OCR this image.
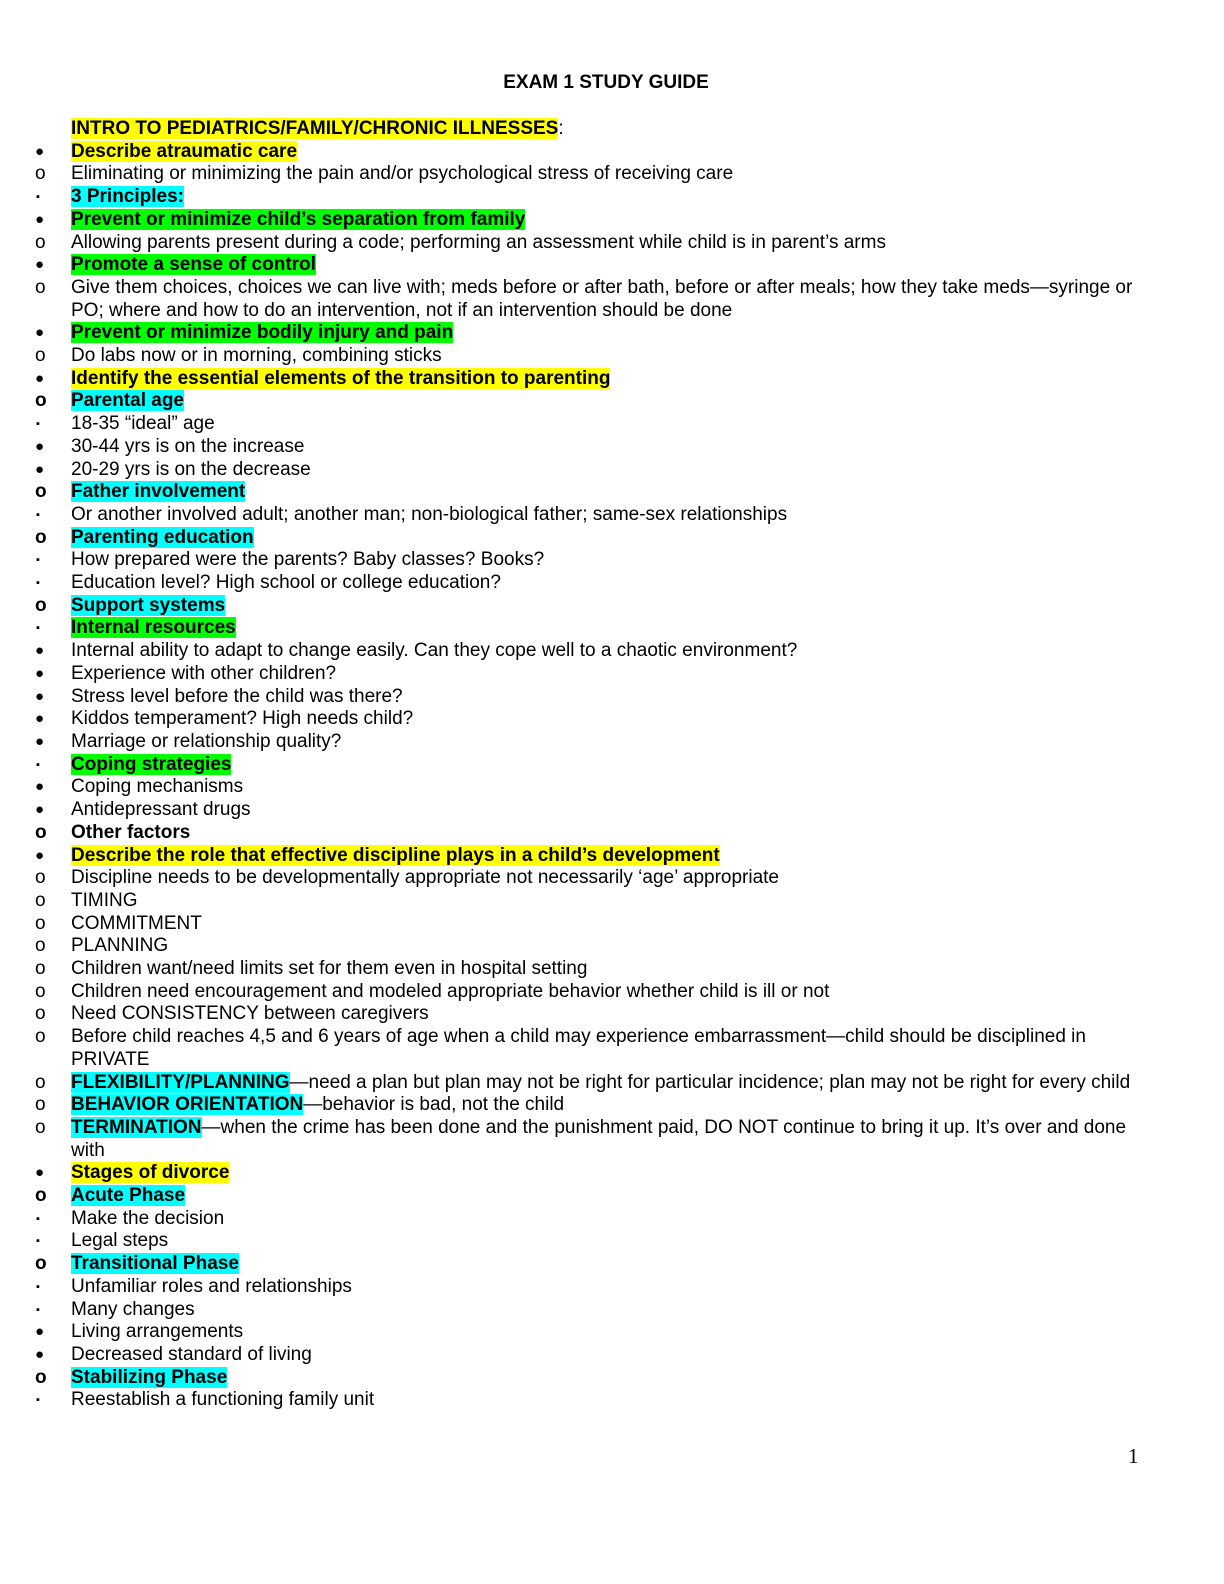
EXAM 1 STUDY GUIDE
INTRO TO PEDIATRICS/FAMILY/CHRONIC ILLNESSES:
●	Describe atraumatic care
o	Eliminating or minimizing the pain and/or psychological stress of receiving care
▪	3 Principles:
●	Prevent or minimize child’s separation from family
o	Allowing parents present during a code; performing an assessment while child is in parent’s arms
●	Promote a sense of control
o	Give them choices, choices we can live with; meds before or after bath, before or after meals; how they take meds—syringe or PO; where and how to do an intervention, not if an intervention should be done
●	Prevent or minimize bodily injury and pain
o	Do labs now or in morning, combining sticks
●	Identify the essential elements of the transition to parenting
o	Parental age
▪	18-35 “ideal” age
●	30-44 yrs is on the increase
●	20-29 yrs is on the decrease
o	Father involvement
▪	Or another involved adult; another man; non-biological father; same-sex relationships
o	Parenting education
▪	How prepared were the parents? Baby classes? Books?
▪	Education level? High school or college education?
o	Support systems
▪	Internal resources
●	Internal ability to adapt to change easily. Can they cope well to a chaotic environment?
●	Experience with other children?
●	Stress level before the child was there?
●	Kiddos temperament? High needs child?
●	Marriage or relationship quality?
▪	Coping strategies
●	Coping mechanisms
●	Antidepressant drugs
o	Other factors
●	Describe the role that effective discipline plays in a child’s development
o	Discipline needs to be developmentally appropriate not necessarily ‘age’ appropriate
o	TIMING
o	COMMITMENT
o	PLANNING
o	Children want/need limits set for them even in hospital setting
o	Children need encouragement and modeled appropriate behavior whether child is ill or not
o	Need CONSISTENCY between caregivers
o	Before child reaches 4,5 and 6 years of age when a child may experience embarrassment—child should be disciplined in PRIVATE
o	FLEXIBILITY/PLANNING—need a plan but plan may not be right for particular incidence; plan may not be right for every child
o	BEHAVIOR ORIENTATION—behavior is bad, not the child
o	TERMINATION—when the crime has been done and the punishment paid, DO NOT continue to bring it up. It’s over and done with
●	Stages of divorce
o	Acute Phase
▪	Make the decision
▪	Legal steps
o	Transitional Phase
▪	Unfamiliar roles and relationships
▪	Many changes
●	Living arrangements
●	Decreased standard of living
o	Stabilizing Phase
▪	Reestablish a functioning family unit
1
